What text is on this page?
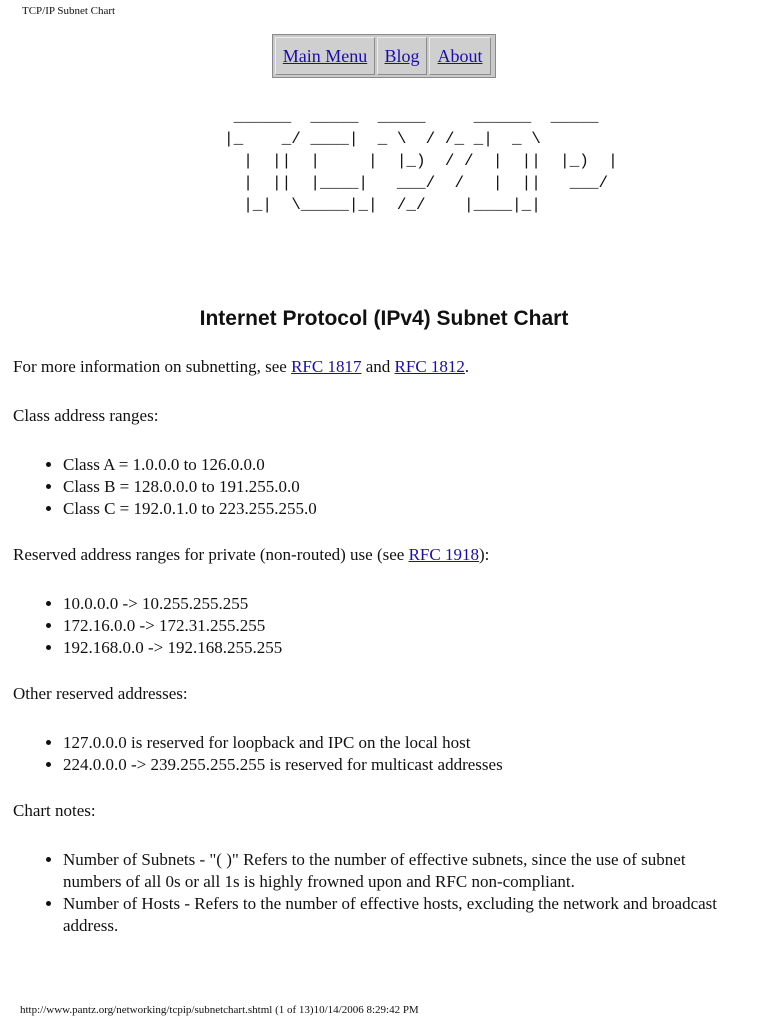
TCP/IP Subnet Chart
Main Menu Blog About
______  _____  _____     ______  _____
|_    _/ ____|  _ \  / /_ _|  _ \
|  ||  |     |  |_)  / /  |  ||  |_)  |
|  ||  |____|   ___/  /   |  ||   ___/
|_|  \_____|_|  /_/    |____|_|
Internet Protocol (IPv4) Subnet Chart

For more information on subnetting, see RFC 1817 and RFC 1812.

Class address ranges:

• Class A = 1.0.0.0 to 126.0.0.0
• Class B = 128.0.0.0 to 191.255.0.0
• Class C = 192.0.1.0 to 223.255.255.0

Reserved address ranges for private (non-routed) use (see RFC 1918):

• 10.0.0.0 -> 10.255.255.255
• 172.16.0.0 -> 172.31.255.255
• 192.168.0.0 -> 192.168.255.255

Other reserved addresses:

• 127.0.0.0 is reserved for loopback and IPC on the local host
• 224.0.0.0 -> 239.255.255.255 is reserved for multicast addresses

Chart notes:

• Number of Subnets - "( )" Refers to the number of effective subnets, since the use of subnet numbers of all 0s or all 1s is highly frowned upon and RFC non-compliant.
• Number of Hosts - Refers to the number of effective hosts, excluding the network and broadcast address.
http://www.pantz.org/networking/tcpip/subnetchart.shtml (1 of 13)10/14/2006 8:29:42 PM
